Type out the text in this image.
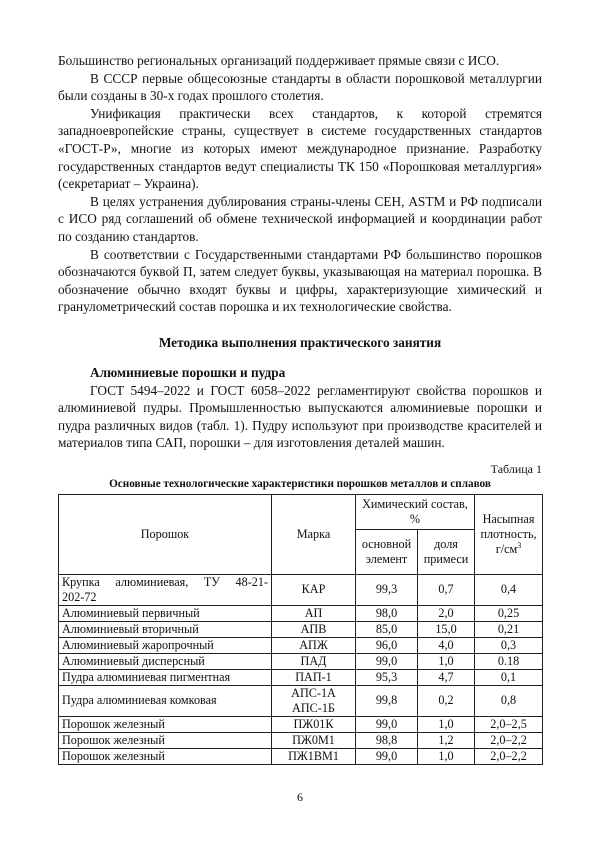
Большинство региональных организаций поддерживает прямые связи с ИСО.

В СССР первые общесоюзные стандарты в области порошковой металлургии были созданы в 30-х годах прошлого столетия.

Унификация практически всех стандартов, к которой стремятся западноевропейские страны, существует в системе государственных стандартов «ГОСТ-Р», многие из которых имеют международное признание. Разработку государственных стандартов ведут специалисты ТК 150 «Порошковая металлургия» (секретариат – Украина).

В целях устранения дублирования страны-члены СЕН, ASTM и РФ подписали с ИСО ряд соглашений об обмене технической информацией и координации работ по созданию стандартов.

В соответствии с Государственными стандартами РФ большинство порошков обозначаются буквой П, затем следует буквы, указывающая на материал порошка. В обозначение обычно входят буквы и цифры, характеризующие химический и гранулометрический состав порошка и их технологические свойства.

Методика выполнения практического занятия
Алюминиевые порошки и пудра

ГОСТ 5494–2022 и ГОСТ 6058–2022 регламентируют свойства порошков и алюминиевой пудры. Промышленностью выпускаются алюминиевые порошки и пудра различных видов (табл. 1). Пудру используют при производстве красителей и материалов типа САП, порошки – для изготовления деталей машин.

Таблица 1
Основные технологические характеристики порошков металлов и сплавов
Порошок	Марка	Химический состав, %		Насыпная плотность,
$г/см^3$
		основной элемент	доля примеси	

Крупка алюминиевая, ТУ 48-21-
202-72	КАР	99,3	0,7	0,4
Алюминиевый первичный	АП	98,0	2,0	0,25
Алюминиевый вторичный	АПВ	85,0	15,0	0,21
Алюминиевый жаропрочный	АПЖ	96,0	4,0	0,3
Алюминиевый дисперсный	ПАД	99,0	1,0	0.18
Пудра алюминиевая пигментная	ПАП-1	95,3	4,7	0,1
Пудра алюминиевая комковая	АПС-1А
АПС-1Б	99,8	0,2	0,8
Порошок железный	ПЖ01К	99,0	1,0	2,0–2,5
Порошок железный	ПЖ0М1	98,8	1,2	2,0–2,2
Порошок железный	ПЖ1ВМ1	99,0	1,0	2,0–2,2
6
